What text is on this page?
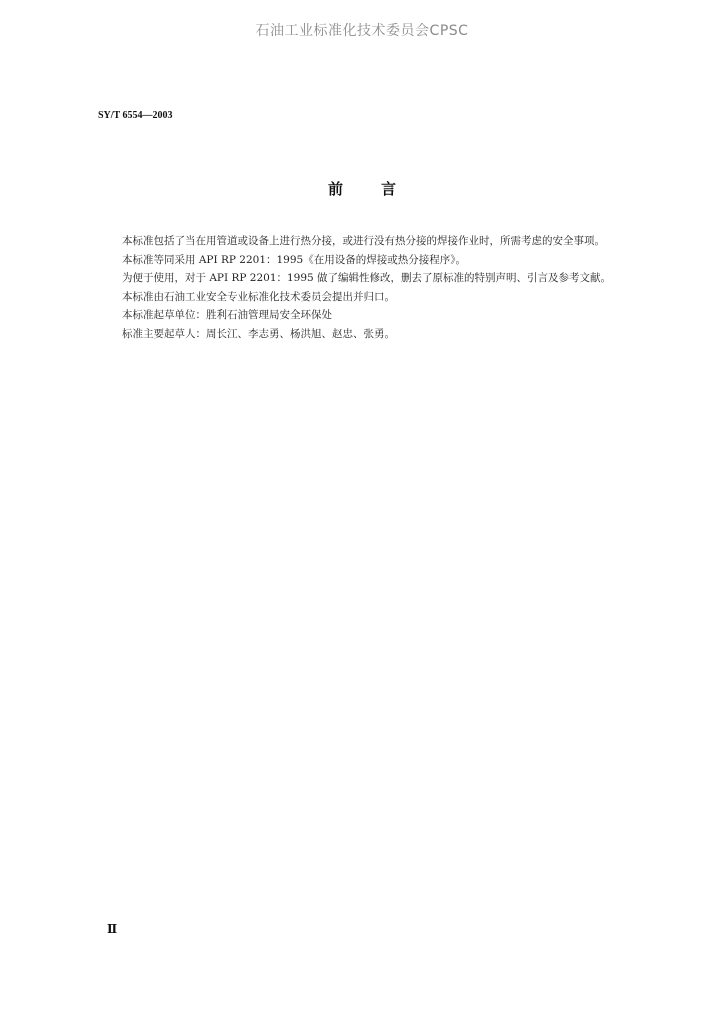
石油工业标准化技术委员会CPSC
SY/T 6554—2003
前言

本标准包括了当在用管道或设备上进行热分接，或进行没有热分接的焊接作业时，所需考虑的安全事项。

本标准等同采用 API RP 2201：1995《在用设备的焊接或热分接程序》。

为便于使用，对于 API RP 2201：1995 做了编辑性修改，删去了原标准的特别声明、引言及参考文献。

本标准由石油工业安全专业标准化技术委员会提出并归口。

本标准起草单位：胜利石油管理局安全环保处

标准主要起草人：周长江、李志勇、杨洪旭、赵忠、张勇。

Ⅱ
